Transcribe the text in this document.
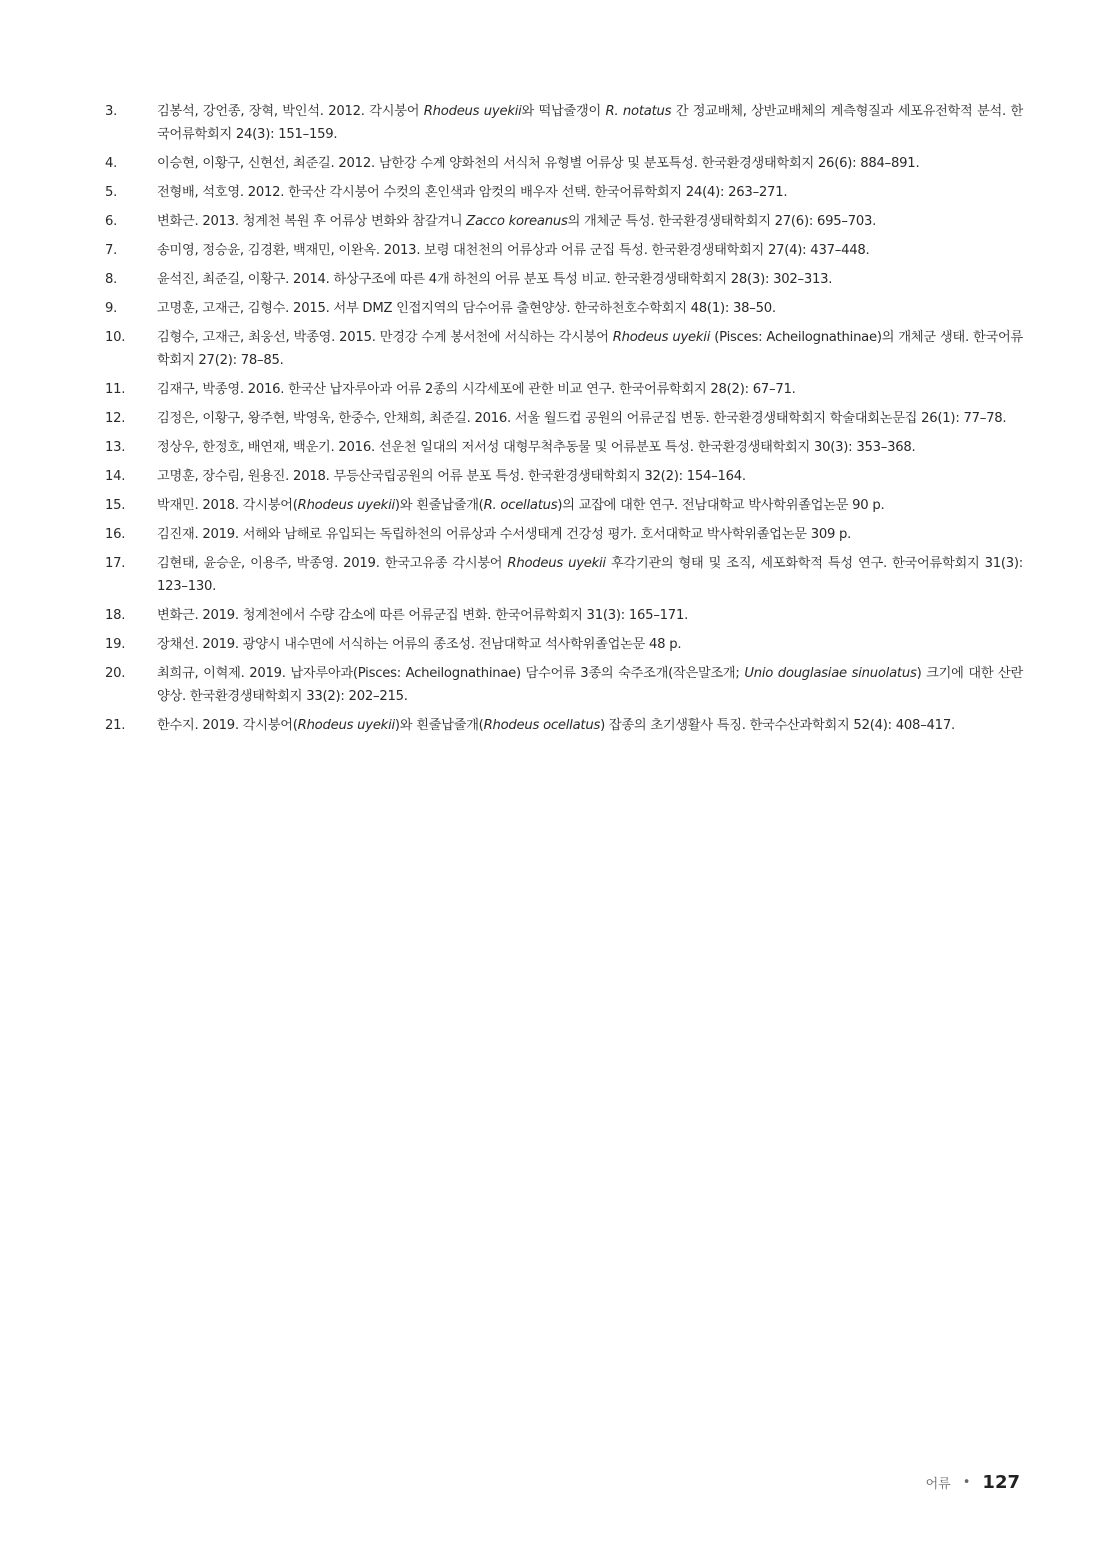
3.	김봉석, 강언종, 장혁, 박인석. 2012. 각시붕어 Rhodeus uyekii와 떡납줄갱이 R. notatus 간 정교배체, 상반교배체의 계측형질과 세포유전학적 분석. 한국어류학회지 24(3): 151–159.
4.	이승현, 이황구, 신현선, 최준길. 2012. 남한강 수계 양화천의 서식처 유형별 어류상 및 분포특성. 한국환경생태학회지 26(6): 884–891.
5.	전형배, 석호영. 2012. 한국산 각시붕어 수컷의 혼인색과 암컷의 배우자 선택. 한국어류학회지 24(4): 263–271.
6.	변화근. 2013. 청계천 복원 후 어류상 변화와 참갈겨니 Zacco koreanus의 개체군 특성. 한국환경생태학회지 27(6): 695–703.
7.	송미영, 정승윤, 김경환, 백재민, 이완옥. 2013. 보령 대천천의 어류상과 어류 군집 특성. 한국환경생태학회지 27(4): 437–448.
8.	윤석진, 최준길, 이황구. 2014. 하상구조에 따른 4개 하천의 어류 분포 특성 비교. 한국환경생태학회지 28(3): 302–313.
9.	고명훈, 고재근, 김형수. 2015. 서부 DMZ 인접지역의 담수어류 출현양상. 한국하천호수학회지 48(1): 38–50.
10.	김형수, 고재근, 최웅선, 박종영. 2015. 만경강 수계 봉서천에 서식하는 각시붕어 Rhodeus uyekii (Pisces: Acheilognathinae)의 개체군 생태. 한국어류학회지 27(2): 78–85.
11.	김재구, 박종영. 2016. 한국산 납자루아과 어류 2종의 시각세포에 관한 비교 연구. 한국어류학회지 28(2): 67–71.
12.	김정은, 이황구, 왕주현, 박영욱, 한중수, 안채희, 최준길. 2016. 서울 월드컵 공원의 어류군집 변동. 한국환경생태학회지 학술대회논문집 26(1): 77–78.
13.	정상우, 한정호, 배연재, 백운기. 2016. 선운천 일대의 저서성 대형무척추동물 및 어류분포 특성. 한국환경생태학회지 30(3): 353–368.
14.	고명훈, 장수림, 원용진. 2018. 무등산국립공원의 어류 분포 특성. 한국환경생태학회지 32(2): 154–164.
15.	박재민. 2018. 각시붕어(Rhodeus uyekii)와 흰줄납줄개(R. ocellatus)의 교잡에 대한 연구. 전남대학교 박사학위졸업논문 90 p.
16.	김진재. 2019. 서해와 남해로 유입되는 독립하천의 어류상과 수서생태계 건강성 평가. 호서대학교 박사학위졸업논문 309 p.
17.	김현태, 윤승운, 이용주, 박종영. 2019. 한국고유종 각시붕어 Rhodeus uyekii 후각기관의 형태 및 조직, 세포화학적 특성 연구. 한국어류학회지 31(3): 123–130.
18.	변화근. 2019. 청계천에서 수량 감소에 따른 어류군집 변화. 한국어류학회지 31(3): 165–171.
19.	장채선. 2019. 광양시 내수면에 서식하는 어류의 종조성. 전남대학교 석사학위졸업논문 48 p.
20.	최희규, 이혁제. 2019. 납자루아과(Pisces: Acheilognathinae) 담수어류 3종의 숙주조개(작은말조개; Unio douglasiae sinuolatus) 크기에 대한 산란양상. 한국환경생태학회지 33(2): 202–215.
21.	한수지. 2019. 각시붕어(Rhodeus uyekii)와 흰줄납줄개(Rhodeus ocellatus) 잡종의 초기생활사 특징. 한국수산과학회지 52(4): 408–417.
어류 • 127
